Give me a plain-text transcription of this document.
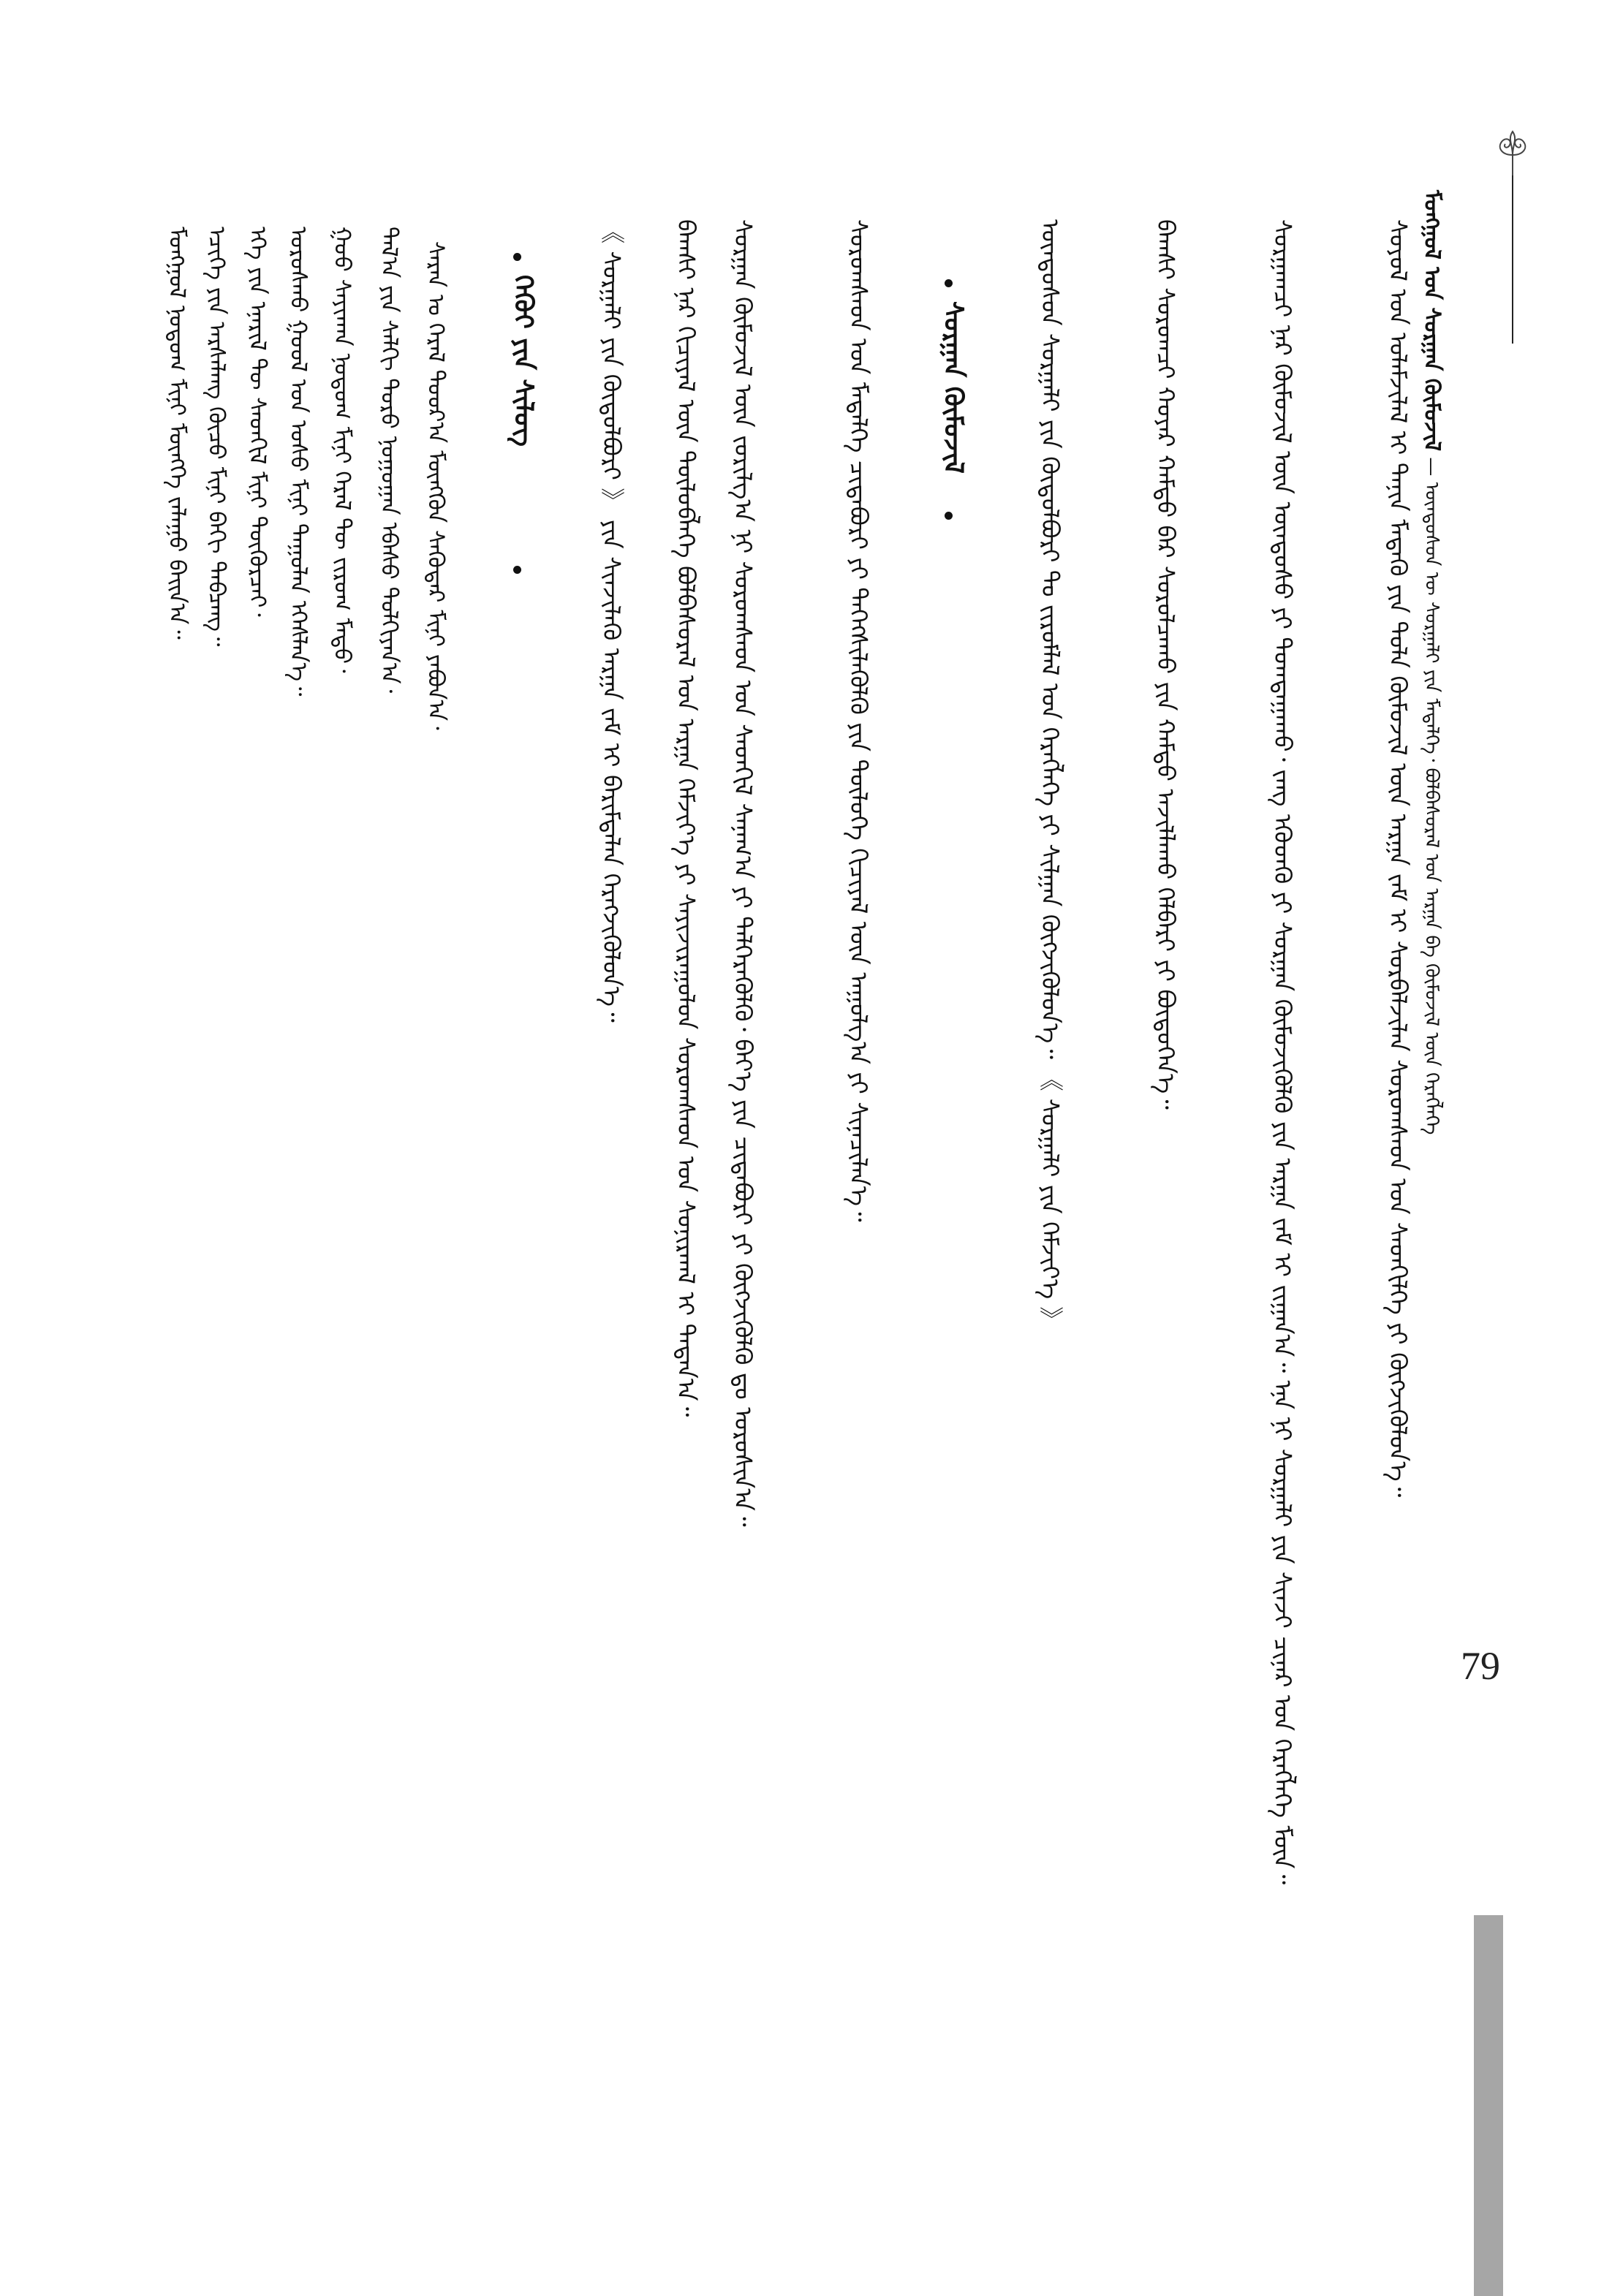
ᠮᠣᠩᠭᠣᠯ ᠤᠨ ᠰᠤᠷᠭᠠᠨ ᠬᠦᠮᠦᠵᠢᠯ — ᠦᠨᠳᠦᠰᠦᠨ ᠦ ᠰᠤᠷᠭᠠᠯᠢ ᠶᠢᠨ ᠮᠡᠳᠡᠯᠭᠡ᠂ ᠪᠣᠯᠪᠠᠰᠤᠷᠠᠯ ᠤᠨ ᠠᠷᠭᠠ ᠪᠠ ᠬᠦᠮᠦᠵᠢᠯ ᠦᠨ ᠬᠡᠷᠡᠭᠯᠡᠭᠡ
79
ᠰᠣᠶᠣᠯ ᠤᠨ ᠤᠯᠠᠮᠵᠢᠯᠠᠯ ᠢ ᠲᠠᠨᠢᠨ ᠮᠡᠳᠡᠬᠦ ᠶᠢᠨ ᠲᠤᠯᠠ ᠬᠦᠮᠦᠵᠢᠯ ᠦᠨ ᠠᠷᠭᠠ ᠵᠠᠮ ᠢ ᠰᠤᠷᠪᠠᠯᠵᠢᠯᠠᠨ ᠰᠤᠷᠤᠭᠰᠠᠳ ᠤᠨ ᠰᠡᠳᠬᠢᠯᠭᠡ ᠶᠢ ᠬᠥᠭᠵᠢᠭᠦᠯᠦᠨ᠎ᠡ᠃
ᠰᠤᠷᠭᠠᠭᠴᠢ ᠨᠠᠷ ᠬᠦᠮᠦᠵᠢᠯ ᠦᠨ ᠦᠨᠳᠦᠰᠦ ᠶᠢ ᠲᠣᠭᠲᠠᠭᠠᠬᠤ᠂ ᠵᠠᠩ ᠡᠭᠦᠳᠬᠦ ᠶᠢ ᠰᠤᠷᠭᠠᠨ ᠬᠦᠮᠦᠵᠢᠭᠦᠯᠬᠦ ᠶᠢᠨ ᠠᠷᠭᠠ ᠵᠠᠮ ᠢ ᠵᠢᠭᠠᠨ᠎ᠠ᠃ ᠡᠨᠡ ᠨᠢ ᠰᠤᠷᠭᠠᠯᠢ ᠶᠢᠨ ᠰᠢᠨᠵᠢ ᠴᠢᠨᠠᠷ ᠤᠨ ᠬᠡᠷᠡᠭᠯᠡᠭᠡ ᠮᠥᠨ᠃
ᠪᠠᠭᠰᠢ ᠰᠤᠷᠤᠭᠴᠢ ᠬᠣᠶᠠᠷ ᠬᠠᠮᠲᠤ ᠪᠡᠷ ᠰᠤᠷᠤᠯᠴᠠᠬᠤ ᠶᠢᠨ ᠬᠠᠮᠲᠤ ᠠᠵᠢᠯᠯᠠᠬᠤ ᠬᠡᠯᠪᠡᠷᠢ ᠶᠢ ᠪᠦᠲᠦᠭᠡᠨ᠎ᠡ᠃
ᠦᠨᠳᠦᠰᠦᠨ ᠰᠤᠷᠭᠠᠯᠢ ᠶᠢᠨ ᠬᠥᠲᠦᠯᠪᠦᠷᠢ ᠲᠤ ᠵᠢᠷᠤᠮᠯᠠᠯ ᠤᠨ ᠬᠡᠷᠡᠭᠯᠡᠭᠡ ᠶᠢ ᠰᠢᠯᠭᠠᠨ ᠬᠥᠭᠵᠢᠭᠦᠯᠦᠨ᠎ᠡ᠃ 《 ᠰᠤᠷᠭᠠᠯᠢ ᠶᠢᠨ ᠬᠡᠮᠵᠢᠶ᠎ᠡ 》
ᠰᠤᠷᠭᠠᠨ ᠬᠦᠮᠦᠵᠢᠯ
ᠰᠤᠷᠤᠭᠰᠠᠳ ᠤᠨ ᠮᠡᠳᠡᠯᠭᠡ ᠴᠢᠳᠠᠪᠤᠷᠢ ᠶᠢ ᠳᠡᠭᠡᠭᠰᠢᠯᠡᠭᠦᠯᠬᠦ ᠶᠢᠨ ᠲᠥᠯᠦᠭᠡ ᠬᠢᠴᠢᠶᠡᠯ ᠦᠨ ᠠᠭᠤᠯᠭ᠎ᠠ ᠶᠢ ᠰᠢᠨᠡᠴᠢᠯᠡᠨ᠎ᠡ᠃
ᠰᠤᠷᠭᠠᠨ ᠬᠦᠮᠦᠵᠢᠯ ᠦᠨ ᠵᠣᠷᠢᠯᠭ᠎ᠠ ᠨᠢ ᠰᠤᠷᠤᠭᠰᠠᠳ ᠤᠨ ᠰᠡᠳᠬᠢᠯ ᠰᠠᠨᠠᠭ᠎ᠠ ᠶᠢ ᠲᠡᠯᠭᠡᠷᠡᠭᠦᠯᠬᠦ᠂ ᠪᠡᠶ᠎ᠡ ᠶᠢᠨ ᠴᠢᠳᠠᠪᠤᠷᠢ ᠶᠢ ᠬᠥᠭᠵᠢᠭᠦᠯᠬᠦ ᠳᠤ ᠣᠷᠣᠰᠢᠨ᠎ᠠ᠃
ᠪᠠᠭᠰᠢ ᠨᠠᠷ ᠬᠢᠴᠢᠶᠡᠯ ᠦᠨ ᠲᠥᠯᠦᠪᠯᠡᠭᠡ ᠪᠣᠯᠪᠠᠰᠤᠷᠠᠯ ᠤᠨ ᠠᠷᠭᠠ ᠬᠡᠮᠵᠢᠶ᠎ᠡ ᠶᠢ ᠰᠠᠶᠢᠵᠢᠷᠠᠭᠤᠯᠤᠨ ᠰᠤᠷᠤᠭᠰᠠᠳ ᠤᠨ ᠰᠤᠨᠢᠷᠬᠠᠯ ᠢ ᠲᠠᠲᠠᠨ᠎ᠠ᠃
《 ᠰᠤᠷᠭᠠᠯᠢ ᠶᠢᠨ ᠬᠥᠲᠦᠯᠪᠦᠷᠢ 》 ᠶᠢᠨ ᠰᠢᠨᠵᠢᠯᠡᠬᠦ ᠠᠷᠭᠠ ᠵᠠᠮ ᠢ ᠪᠠᠷᠢᠮᠲᠠᠯᠠᠨ ᠬᠡᠷᠡᠭᠵᠢᠭᠦᠯᠦᠨ᠎ᠡ᠃
ᠬᠡᠭᠦᠢ ᠶᠢᠨ ᠰᠢᠯᠦᠭ
ᠰᠠᠷᠠᠨ ᠤ ᠭᠡᠷᠡᠯ ᠳᠣᠣᠷ᠎ᠠ ᠮᠥᠩᠭᠦᠨ ᠰᠡᠭᠦᠳᠡᠷ ᠮᠢᠨᠢ ᠶᠠᠪᠤᠨ᠎ᠠ᠂
ᠲᠠᠯ᠎ᠠ ᠶᠢᠨ ᠰᠠᠯᠬᠢ ᠳᠣᠷᠣ ᠨᠣᠭᠣᠭᠠᠨ ᠡᠪᠡᠰᠦ ᠳᠣᠯᠭᠢᠶᠠᠨ᠎ᠠ᠂
ᠭᠣᠣ ᠰᠠᠶᠢᠬᠠᠨ ᠨᠤᠲᠤᠭ ᠮᠢᠨᠢ ᠭᠡᠷᠡᠯ ᠲᠦ ᠵᠢᠷᠤᠭ ᠮᠡᠲᠦ᠂
ᠤᠷᠤᠰᠬᠤ ᠭᠣᠣᠯ ᠤᠨ ᠤᠰᠤ ᠮᠢᠨᠢ ᠳᠠᠭᠤᠯᠠᠨ ᠡᠭᠡᠰᠯᠡᠨ᠎ᠡ᠃
ᠡᠬᠡ ᠶᠢᠨ ᠡᠨᠡᠷᠢᠯ ᠲᠦ ᠰᠡᠳᠬᠢᠯ ᠮᠢᠨᠢ ᠳᠦᠭᠦᠷᠴᠡᠢ᠂
ᠡᠴᠢᠭᠡ ᠶᠢᠨ ᠠᠷᠰᠠᠯᠠᠩ ᠬᠦᠴᠦ ᠮᠢᠨᠢ ᠪᠡᠬᠢ ᠲᠠᠪᠴᠠᠩ᠃
ᠮᠣᠩᠭᠣᠯ ᠨᠤᠲᠤᠭ ᠮᠢᠨᠢ ᠮᠥᠩᠬᠡ ᠵᠠᠯᠠᠭᠤ ᠪᠠᠢᠨ᠎ᠠ᠃
